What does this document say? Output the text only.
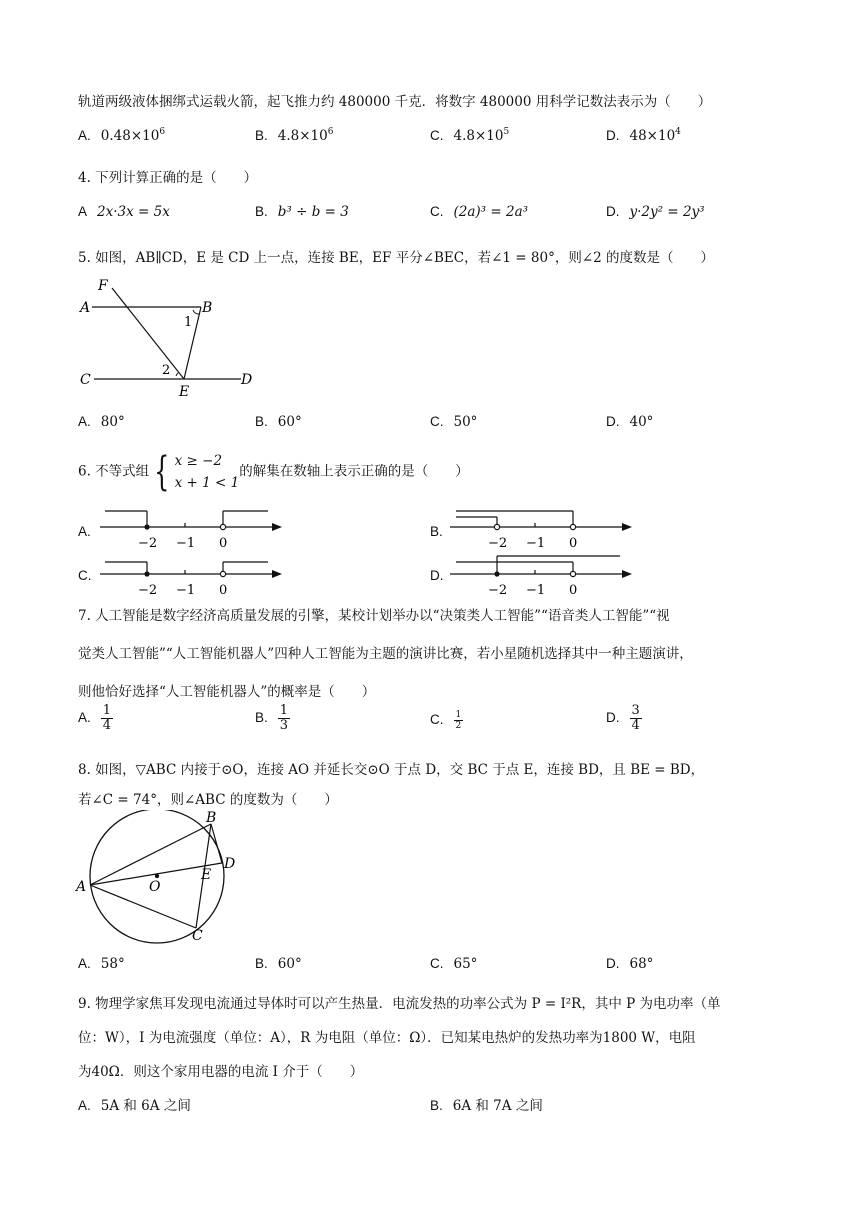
轨道两级液体捆绑式运载火箭，起飞推力约 480000 千克．将数字 480000 用科学记数法表示为（　　）
A. $0.48\times 10^6$	B. $4.8\times 10^6$	C. $4.8\times 10^5$	D. $48\times 10^4$
4. 下列计算正确的是（　　）
A 2x·3x = 5x	B. b³ ÷ b = 3	C. (2a)³ = 2a³	D. y·2y² = 2y³
5. 如图，AB∥CD，E 是 CD 上一点，连接 BE，EF 平分∠BEC，若∠1 = 80°，则∠2 的度数是（　　）
F
A	B
1
2
C
E
D
A. 80°	B. 60°	C. 50°	D. 40°
6. 不等式组 { x ≥ −2
x + 1 < 1
的解集在数轴上表示正确的是（　　）
A.
−2 −1 0
B.
−2 −1 0
C.
−2 −1 0
D.
−2 −1 0
7. 人工智能是数字经济高质量发展的引擎，某校计划举办以“决策类人工智能”“语音类人工智能”“视
觉类人工智能”“人工智能机器人”四种人工智能为主题的演讲比赛，若小星随机选择其中一种主题演讲，
则他恰好选择“人工智能机器人”的概率是（　　）
A. $\frac{1}{4}$	B. $\frac{1}{3}$	C. $\frac{1}{2}$	D. $\frac{3}{4}$
8. 如图，▽ABC 内接于⊙O，连接 AO 并延长交⊙O 于点 D，交 BC 于点 E，连接 BD，且 BE = BD，
若∠C = 74°，则∠ABC 的度数为（　　）
A
B
C
D
E
O
A. 58°	B. 60°	C. 65°	D. 68°
9. 物理学家焦耳发现电流通过导体时可以产生热量．电流发热的功率公式为 P = I²R，其中 P 为电功率（单
位：W），I 为电流强度（单位：A），R 为电阻（单位：Ω）．已知某电热炉的发热功率为1800 W，电阻
为40Ω．则这个家用电器的电流 I 介于（　　）
A. 5A 和 6A 之间	B. 6A 和 7A 之间
